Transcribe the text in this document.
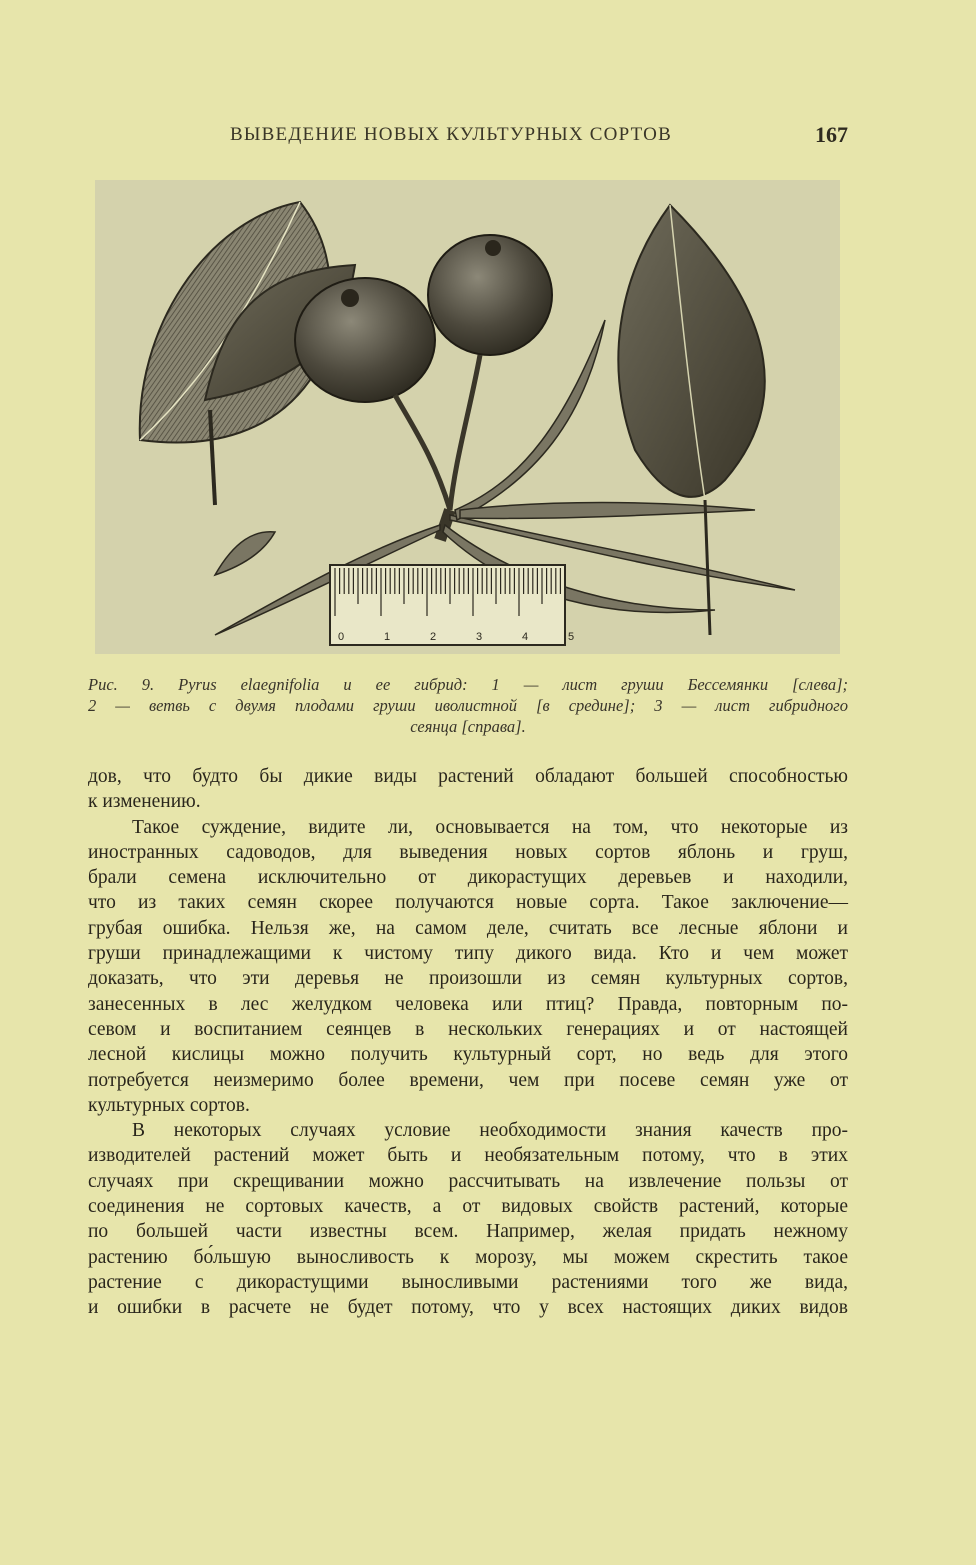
ВЫВЕДЕНИЕ НОВЫХ КУЛЬТУРНЫХ СОРТОВ	167
0	1	2	3	4	5
Рис. 9. Pyrus elaegnifolia и ее гибрид: 1 — лист груши Бессемянки [слева];
2 — ветвь с двумя плодами груши иволистной [в средине]; 3 — лист гибридного
сеянца [справа].
дов, что будто бы дикие виды растений обладают большей способностью
к изменению.
Такое суждение, видите ли, основывается на том, что некоторые из
иностранных садоводов, для выведения новых сортов яблонь и груш,
брали семена исключительно от дикорастущих деревьев и находили,
что из таких семян скорее получаются новые сорта. Такое заключение—
грубая ошибка. Нельзя же, на самом деле, считать все лесные яблони и
груши принадлежащими к чистому типу дикого вида. Кто и чем может
доказать, что эти деревья не произошли из семян культурных сортов,
занесенных в лес желудком человека или птиц? Правда, повторным по-
севом и воспитанием сеянцев в нескольких генерациях и от настоящей
лесной кислицы можно получить культурный сорт, но ведь для этого
потребуется неизмеримо более времени, чем при посеве семян уже от
культурных сортов.
В некоторых случаях условие необходимости знания качеств про-
изводителей растений может быть и необязательным потому, что в этих
случаях при скрещивании можно рассчитывать на извлечение пользы от
соединения не сортовых качеств, а от видовых свойств растений, которые
по большей части известны всем. Например, желая придать нежному
растению бо́льшую выносливость к морозу, мы можем скрестить такое
растение с дикорастущими выносливыми растениями того же вида,
и ошибки в расчете не будет потому, что у всех настоящих диких видов
